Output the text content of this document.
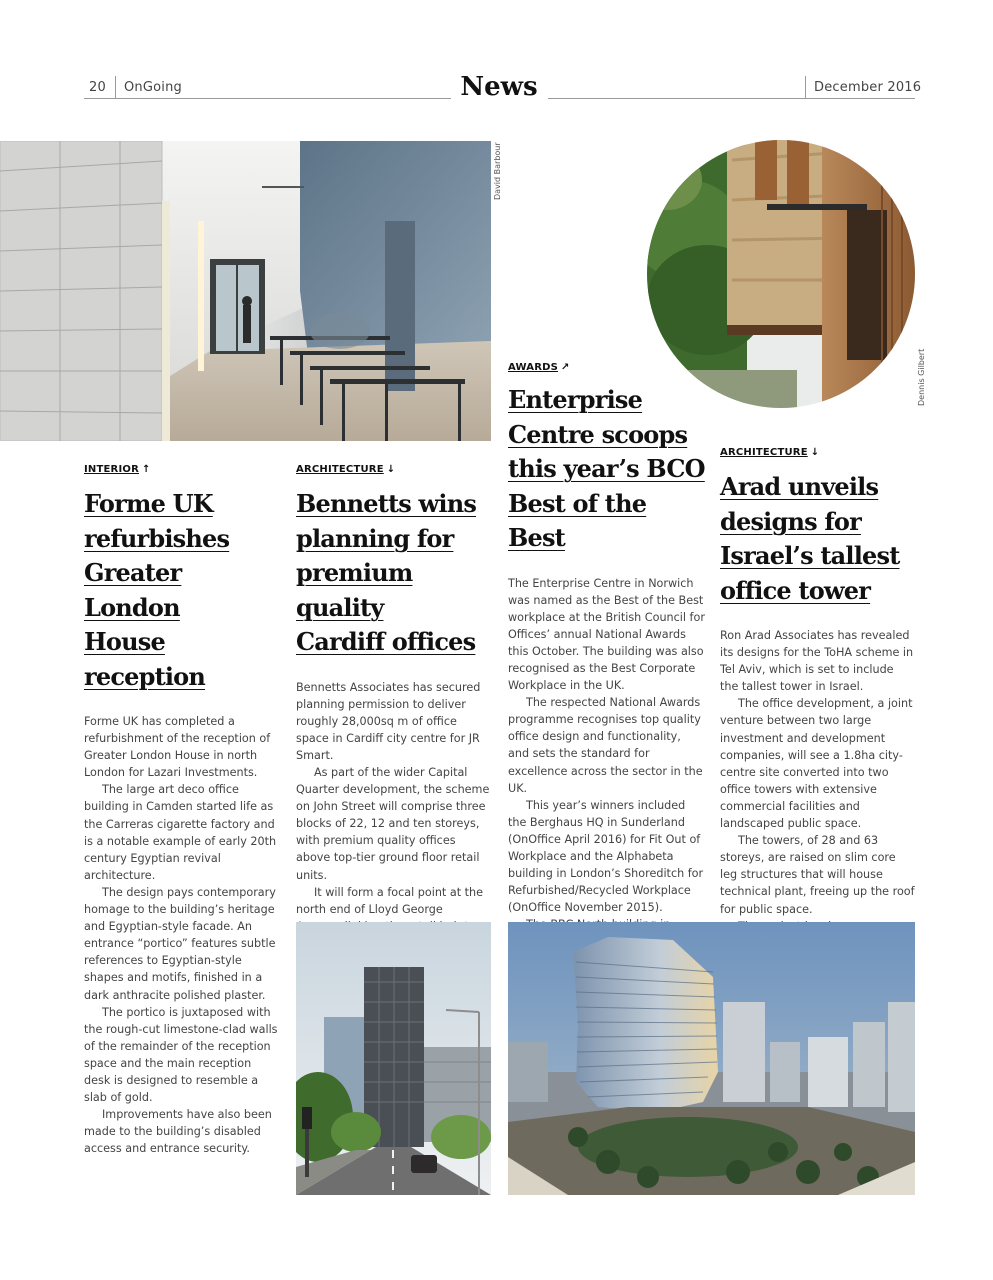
20 OnGoing	News	December 2016
David Barbour
Dennis Gilbert
INTERIOR ↑
Forme UK
refurbishes
Greater London
House reception

Forme UK has completed a refurbishment of the reception of Greater London House in north London for Lazari Investments.

The large art deco office building in Camden started life as the Carreras cigarette factory and is a notable example of early 20th century Egyptian revival architecture.

The design pays contemporary homage to the building’s heritage and Egyptian-style facade. An entrance “portico” features subtle references to Egyptian-style shapes and motifs, finished in a dark anthracite polished plaster.

The portico is juxtaposed with the rough-cut limestone-clad walls of the remainder of the reception space and the main reception desk is designed to resemble a slab of gold.

Improvements have also been made to the building’s disabled access and entrance security.

ARCHITECTURE ↓
Bennetts wins
planning for
premium quality
Cardiff offices

Bennetts Associates has secured planning permission to deliver roughly 28,000sq m of office space in Cardiff city centre for JR Smart.

As part of the wider Capital Quarter development, the scheme on John Street will comprise three blocks of 22, 12 and ten storeys, with premium quality offices above top-tier ground floor retail units.

It will form a focal point at the north end of Lloyd George

AWARDS ↗
Enterprise
Centre scoops
this year’s BCO
Best of the Best

The Enterprise Centre in Norwich was named as the Best of the Best workplace at the British Council for Offices’ annual National Awards this October. The building was also recognised as the Best Corporate Workplace in the UK.

The respected National Awards programme recognises top quality office design and functionality, and sets the standard for excellence across the sector in the UK.

This year’s winners included the Berghaus HQ in Sunderland (OnOffice April 2016) for Fit Out of Workplace and the Alphabeta building in London’s Shoreditch for Refurbished/Recycled Workplace (OnOffice November 2015).

ARCHITECTURE ↓
Arad unveils
designs for
Israel’s tallest
office tower

Ron Arad Associates has revealed its designs for the ToHA scheme in Tel Aviv, which is set to include the tallest tower in Israel.

The office development, a joint venture between two large investment and development companies, will see a 1.8ha city-centre site converted into two office towers with extensive commercial facilities and landscaped public space.

The towers, of 28 and 63 storeys, are raised on slim core leg structures that will house technical plant, freeing up the roof for public space.
